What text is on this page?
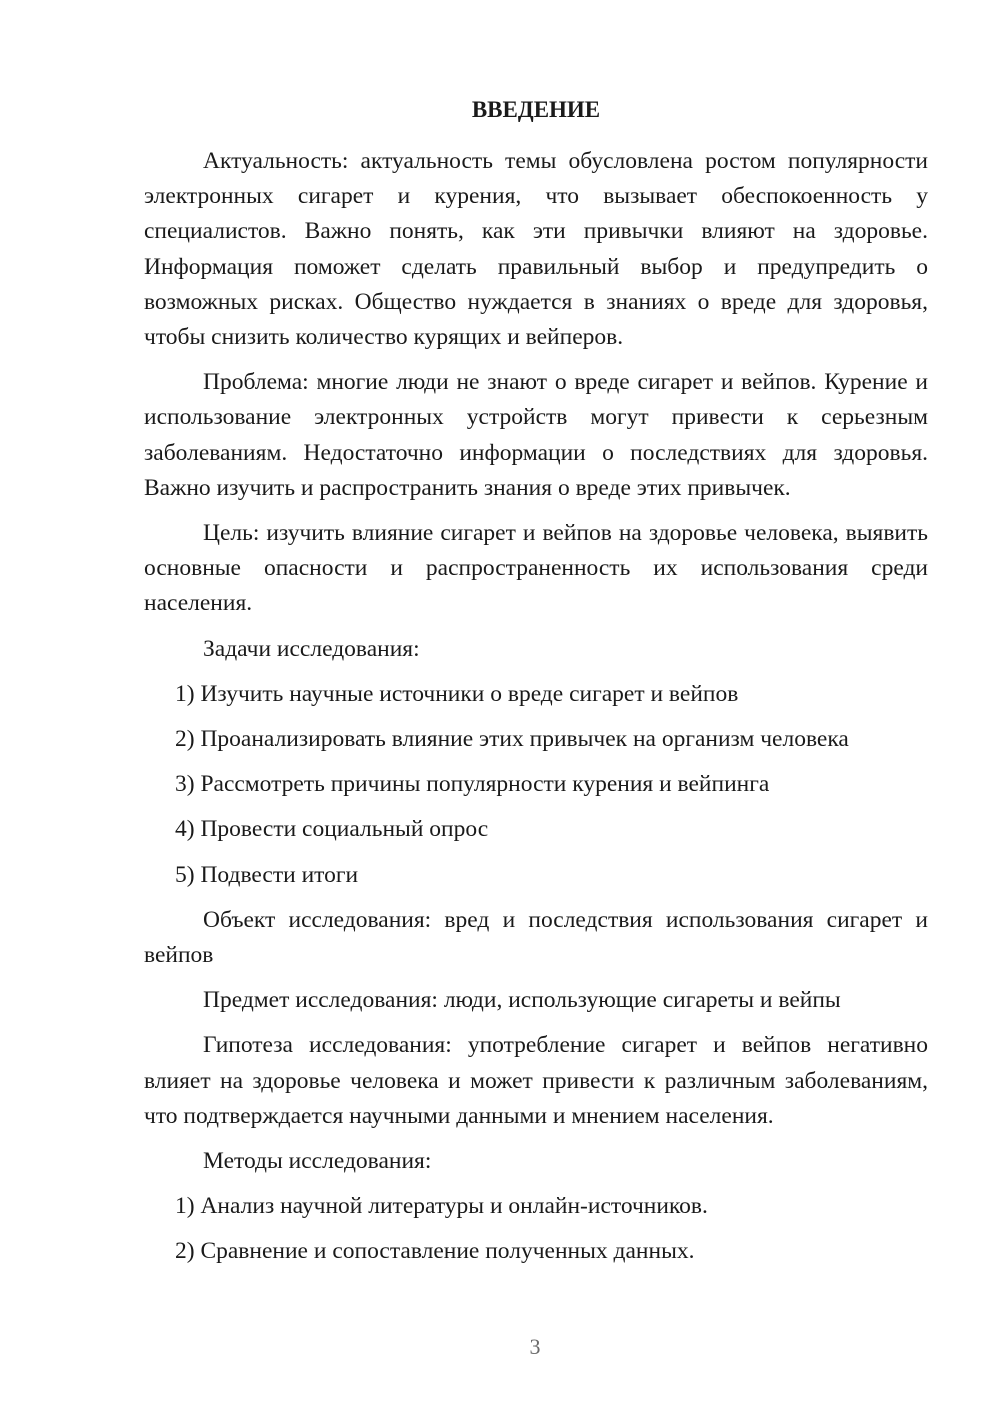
ВВЕДЕНИЕ

Актуальность: актуальность темы обусловлена ростом популярности электронных сигарет и курения, что вызывает обеспокоенность у специалистов. Важно понять, как эти привычки влияют на здоровье. Информация поможет сделать правильный выбор и предупредить о возможных рисках. Общество нуждается в знаниях о вреде для здоровья, чтобы снизить количество курящих и вейперов.

Проблема: многие люди не знают о вреде сигарет и вейпов. Курение и использование электронных устройств могут привести к серьезным заболеваниям. Недостаточно информации о последствиях для здоровья. Важно изучить и распространить знания о вреде этих привычек.

Цель: изучить влияние сигарет и вейпов на здоровье человека, выявить основные опасности и распространенность их использования среди населения.

Задачи исследования:

1) Изучить научные источники о вреде сигарет и вейпов
2) Проанализировать влияние этих привычек на организм человека
3) Рассмотреть причины популярности курения и вейпинга
4) Провести социальный опрос
5) Подвести итоги

Объект исследования: вред и последствия использования сигарет и вейпов

Предмет исследования: люди, использующие сигареты и вейпы

Гипотеза исследования: употребление сигарет и вейпов негативно влияет на здоровье человека и может привести к различным заболеваниям, что подтверждается научными данными и мнением населения.

Методы исследования:

1) Анализ научной литературы и онлайн-источников.
2) Сравнение и сопоставление полученных данных.
3
